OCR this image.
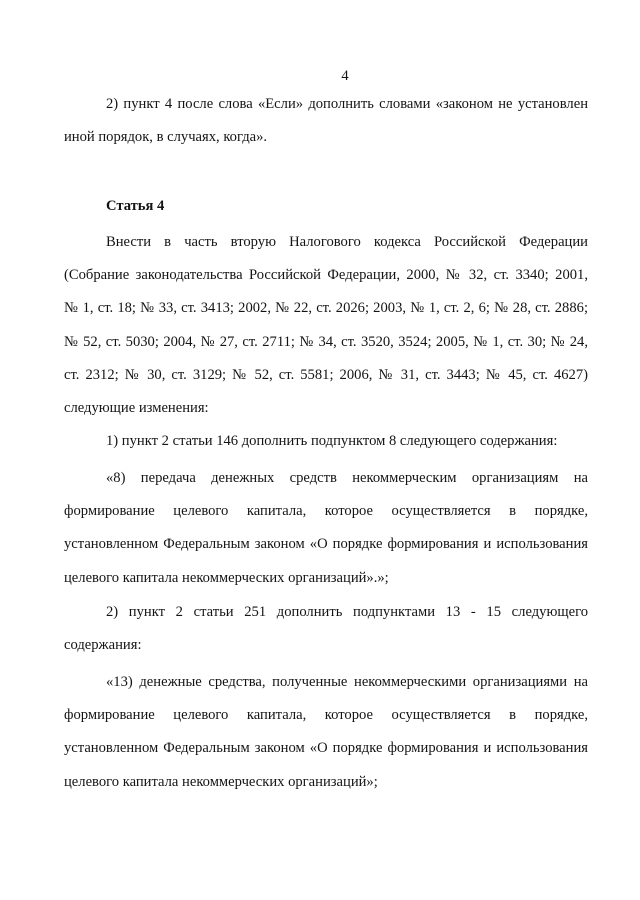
4
2) пункт 4 после слова «Если» дополнить словами «законом не установлен
иной порядок, в случаях, когда».
Статья 4
Внести в часть вторую Налогового кодекса Российской Федерации
(Собрание законодательства Российской Федерации, 2000, № 32, ст. 3340; 2001,
№ 1, ст. 18; № 33, ст. 3413; 2002, № 22, ст. 2026; 2003, № 1, ст. 2, 6; № 28, ст. 2886;
№ 52, ст. 5030; 2004, № 27, ст. 2711; № 34, ст. 3520, 3524; 2005, № 1, ст. 30; № 24,
ст. 2312; № 30, ст. 3129; № 52, ст. 5581; 2006, № 31, ст. 3443; № 45, ст. 4627)
следующие изменения:
1) пункт 2 статьи 146 дополнить подпунктом 8 следующего содержания:
«8) передача денежных средств некоммерческим организациям на
формирование целевого капитала, которое осуществляется в порядке,
установленном Федеральным законом «О порядке формирования и использования
целевого капитала некоммерческих организаций».»;
2) пункт 2 статьи 251 дополнить подпунктами 13 - 15 следующего
содержания:
«13) денежные средства, полученные некоммерческими организациями на
формирование целевого капитала, которое осуществляется в порядке,
установленном Федеральным законом «О порядке формирования и использования
целевого капитала некоммерческих организаций»;
